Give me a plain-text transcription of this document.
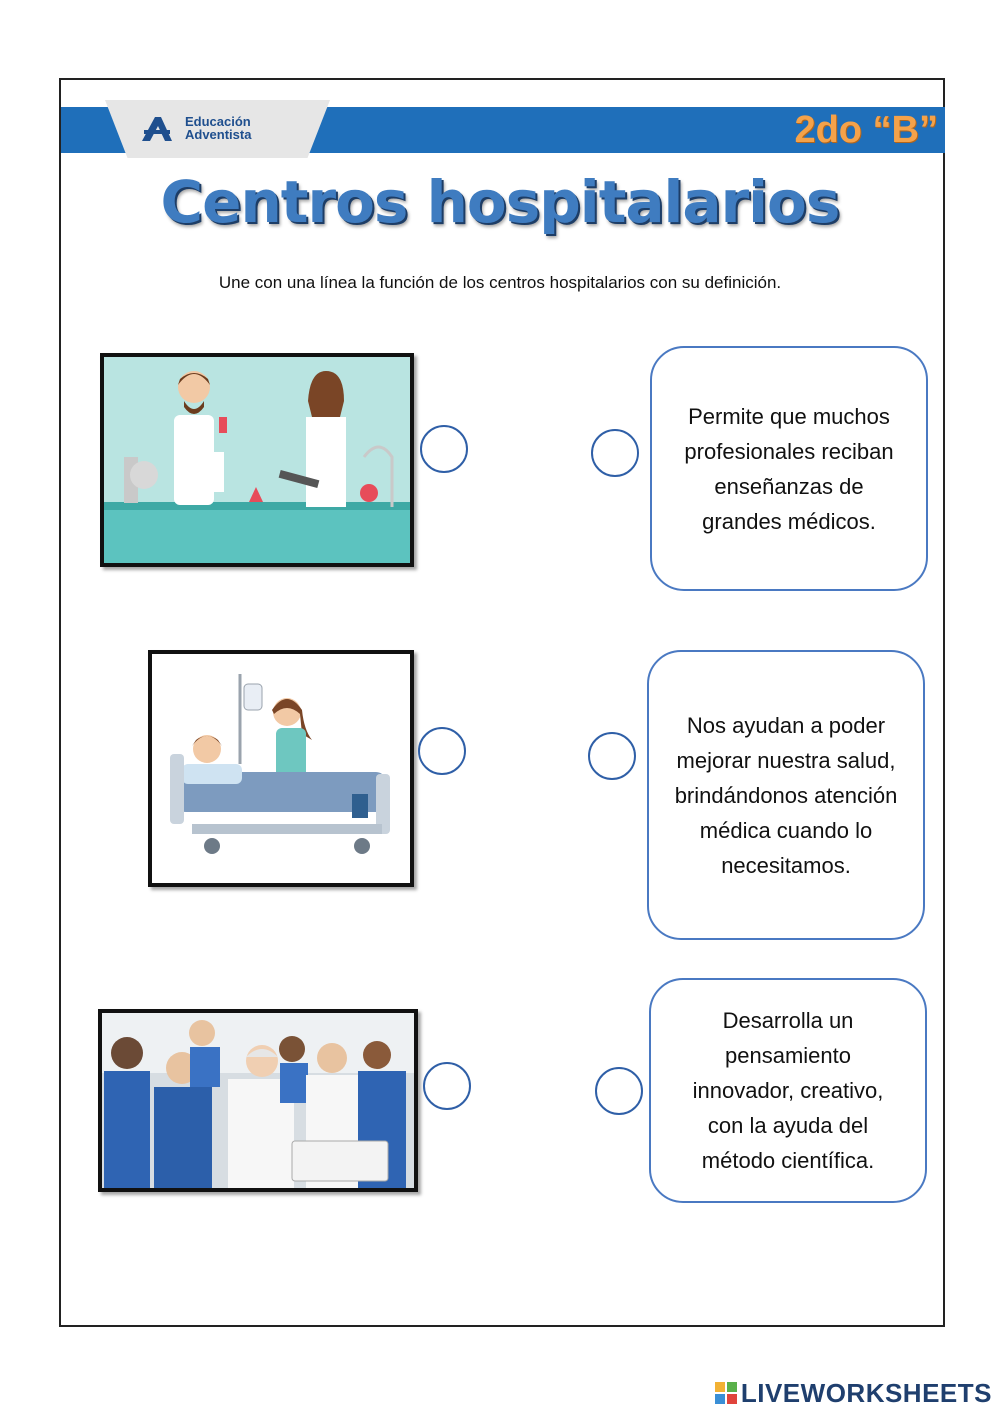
Educación
Adventista	2do “B”
Centros hospitalarios
Une con una línea la función de los centros hospitalarios con su definición.
Permite que muchos profesionales reciban enseñanzas de grandes médicos.
Nos ayudan a poder mejorar nuestra salud, brindándonos atención médica cuando lo necesitamos.
Desarrolla un pensamiento innovador, creativo, con la ayuda del método científica.
LIVEWORKSHEETS
